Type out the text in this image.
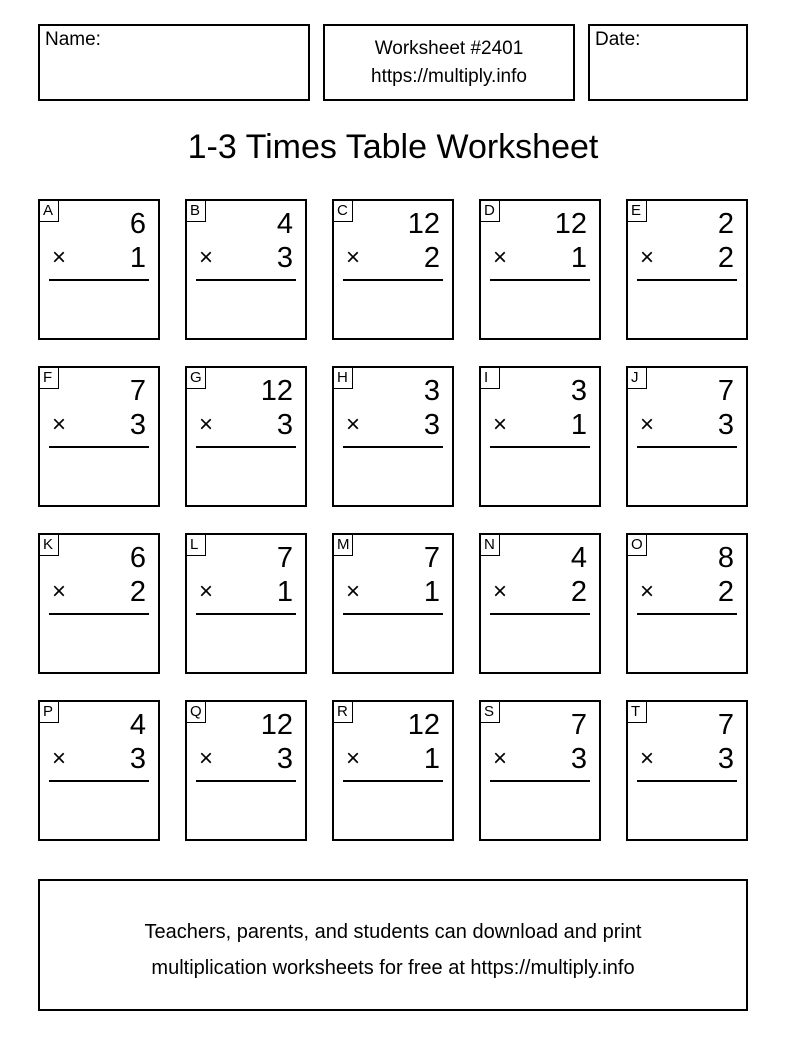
Name:	Worksheet #2401
https://multiply.info
Date:
1-3 Times Table Worksheet
A	6
× 1
B	4
× 3
C 12
× 2
D 12
× 1
E	2
× 2
F	7
× 3
G 12
× 3
H	3
× 3
I	3
× 1
J	7
× 3
K	6
× 2
L	7
× 1
M	7
× 1
N	4
× 2
O	8
× 2
P	4
× 3
Q 12
× 3
R 12
× 1
S	7
× 3
T	7
× 3
Teachers, parents, and students can download and print
multiplication worksheets for free at https://multiply.info
